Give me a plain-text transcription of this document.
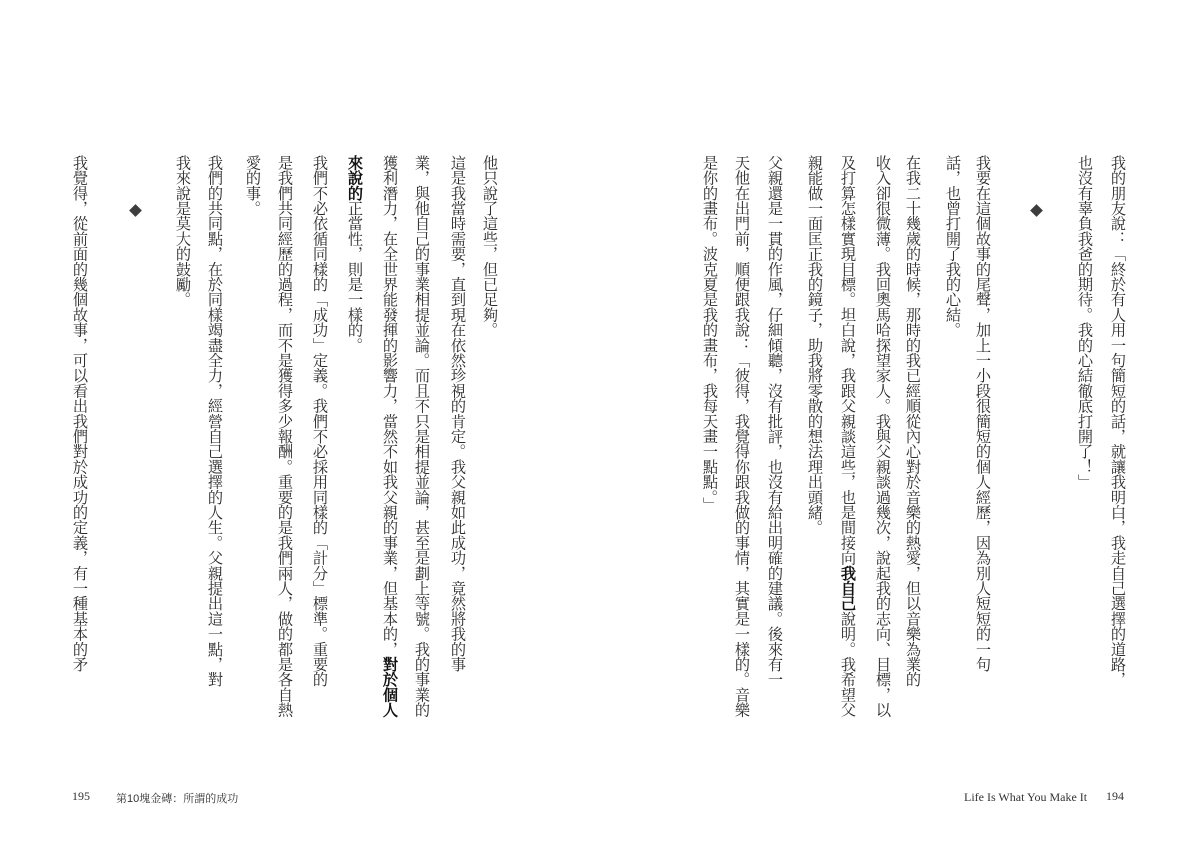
195 第10塊金磚：所謂的成功
他只說了這些，但已足夠。
這是我當時需要，直到現在依然珍視的肯定。我父親如此成功，竟然將我的事
業，與他自己的事業相提並論。而且不只是相提並論，甚至是劃上等號。我的事業的
獲利潛力，在全世界能發揮的影響力，當然不如我父親的事業，但基本的，對於個人
來說的正當性，則是一樣的。
我們不必依循同樣的「成功」定義。我們不必採用同樣的「計分」標準。重要的
是我們共同經歷的過程，而不是獲得多少報酬。重要的是我們兩人，做的都是各自熱
愛的事。
我們的共同點，在於同樣竭盡全力，經營自己選擇的人生。父親提出這一點，對
我來說是莫大的鼓勵。
我覺得，從前面的幾個故事，可以看出我們對於成功的定義，有一種基本的矛
Life Is What You Make It 194
我的朋友說：「終於有人用一句簡短的話，就讓我明白，我走自己選擇的道路，
也沒有辜負我爸的期待。我的心結徹底打開了！」
我要在這個故事的尾聲，加上一小段很簡短的個人經歷，因為別人短短的一句
話，也曾打開了我的心結。
在我二十幾歲的時候，那時的我已經順從內心對於音樂的熱愛，但以音樂為業的
收入卻很微薄。我回奧馬哈探望家人。我與父親談過幾次，說起我的志向、目標，以
及打算怎樣實現目標。坦白說，我跟父親談這些，也是間接向我自己說明。我希望父
親能做一面匡正我的鏡子，助我將零散的想法理出頭緒。
父親還是一貫的作風，仔細傾聽，沒有批評，也沒有給出明確的建議。後來有一
天他在出門前，順便跟我說：「彼得，我覺得你跟我做的事情，其實是一樣的。音樂
是你的畫布。波克夏是我的畫布，我每天畫一點點。」
